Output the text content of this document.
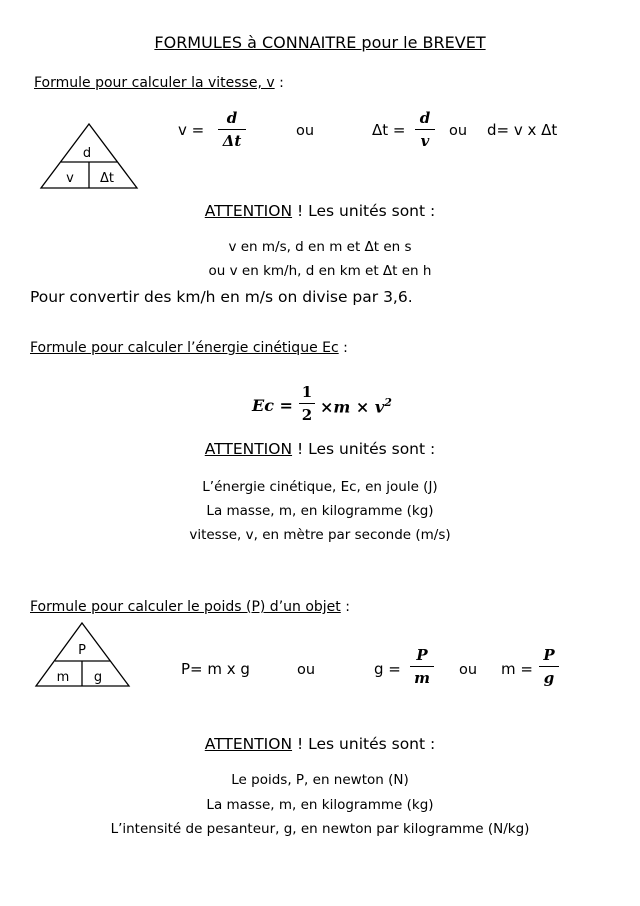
FORMULES à CONNAITRE pour le BREVET
Formule pour calculer la vitesse, v :
d
v Δt
v =
d
Δt
ou	Δt =
d
v
ou d= v x Δt
ATTENTION ! Les unités sont :
v en m/s, d en m et Δt en s
ou v en km/h, d en km et Δt en h
Pour convertir des km/h en m/s on divise par 3,6.
Formule pour calculer l’énergie cinétique Ec :
Ec =
1
$2 \times m \times v^2$
ATTENTION ! Les unités sont :
L’énergie cinétique, Ec, en joule (J)
La masse, m, en kilogramme (kg)
vitesse, v, en mètre par seconde (m/s)
Formule pour calculer le poids (P) d’un objet :
P
m g	P= m x g	ou	g =
P
m ou m =
P
g
ATTENTION ! Les unités sont :
Le poids, P, en newton (N)
La masse, m, en kilogramme (kg)
L’intensité de pesanteur, g, en newton par kilogramme (N/kg)
